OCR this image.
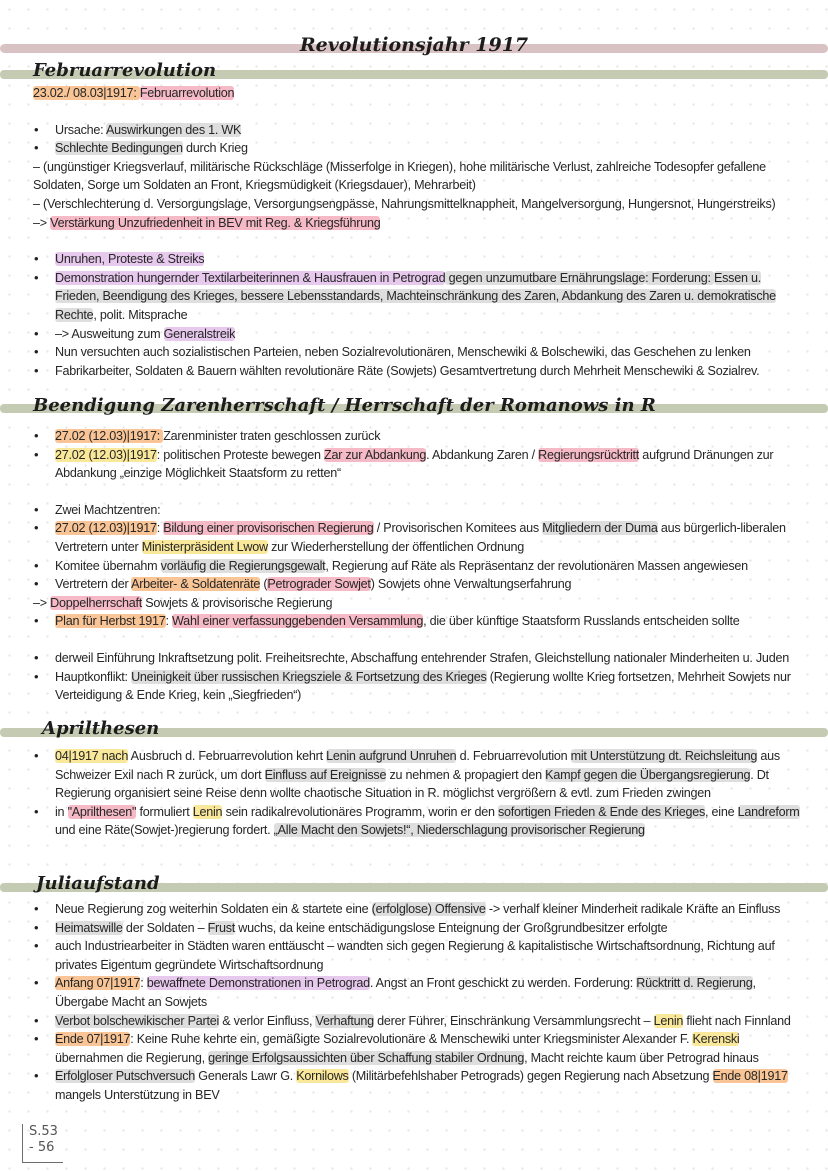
Revolutionsjahr 1917
Februarrevolution
23.02./ 08.03|1917: Februarrevolution
• Ursache: Auswirkungen des 1. WK
• Schlechte Bedingungen durch Krieg
– (ungünstiger Kriegsverlauf, militärische Rückschläge (Misserfolge in Kriegen), hohe militärische Verlust, zahlreiche Todesopfer gefallene
Soldaten, Sorge um Soldaten an Front, Kriegsmüdigkeit (Kriegsdauer), Mehrarbeit)
– (Verschlechterung d. Versorgungslage, Versorgungsengpässe, Nahrungsmittelknappheit, Mangelversorgung, Hungersnot, Hungerstreiks)
–> Verstärkung Unzufriedenheit in BEV mit Reg. & Kriegsführung
• Unruhen, Proteste & Streiks
• Demonstration hungernder Textilarbeiterinnen & Hausfrauen in Petrograd gegen unzumutbare Ernährungslage: Forderung: Essen u.
Frieden, Beendigung des Krieges, bessere Lebensstandards, Machteinschränkung des Zaren, Abdankung des Zaren u. demokratische
Rechte, polit. Mitsprache
• –> Ausweitung zum Generalstreik
• Nun versuchten auch sozialistischen Parteien, neben Sozialrevolutionären, Menschewiki & Bolschewiki, das Geschehen zu lenken
• Fabrikarbeiter, Soldaten & Bauern wählten revolutionäre Räte (Sowjets) Gesamtvertretung durch Mehrheit Menschewiki & Sozialrev.
Beendigung Zarenherrschaft / Herrschaft der Romanows in R
• 27.02 (12.03)|1917: Zarenminister traten geschlossen zurück
• 27.02 (12.03)|1917: politischen Proteste bewegen Zar zur Abdankung. Abdankung Zaren / Regierungsrücktritt aufgrund Dränungen zur
Abdankung „einzige Möglichkeit Staatsform zu retten“
• Zwei Machtzentren:
• 27.02 (12.03)|1917: Bildung einer provisorischen Regierung / Provisorischen Komitees aus Mitgliedern der Duma aus bürgerlich-liberalen
Vertretern unter Ministerpräsident Lwow zur Wiederherstellung der öffentlichen Ordnung
• Komitee übernahm vorläufig die Regierungsgewalt, Regierung auf Räte als Repräsentanz der revolutionären Massen angewiesen
• Vertretern der Arbeiter- & Soldatenräte (Petrograder Sowjet) Sowjets ohne Verwaltungserfahrung
–> Doppelherrschaft Sowjets & provisorische Regierung
• Plan für Herbst 1917: Wahl einer verfassunggebenden Versammlung, die über künftige Staatsform Russlands entscheiden sollte
• derweil Einführung Inkraftsetzung polit. Freiheitsrechte, Abschaffung entehrender Strafen, Gleichstellung nationaler Minderheiten u. Juden
• Hauptkonflikt: Uneinigkeit über russischen Kriegsziele & Fortsetzung des Krieges (Regierung wollte Krieg fortsetzen, Mehrheit Sowjets nur
Verteidigung & Ende Krieg, kein „Siegfrieden“)
Aprilthesen
• 04|1917 nach Ausbruch d. Februarrevolution kehrt Lenin aufgrund Unruhen d. Februarrevolution mit Unterstützung dt. Reichsleitung aus
Schweizer Exil nach R zurück, um dort Einfluss auf Ereignisse zu nehmen & propagiert den Kampf gegen die Übergangsregierung. Dt
Regierung organisiert seine Reise denn wollte chaotische Situation in R. möglichst vergrößern & evtl. zum Frieden zwingen
• in "Aprilthesen" formuliert Lenin sein radikalrevolutionäres Programm, worin er den sofortigen Frieden & Ende des Krieges, eine Landreform
und eine Räte(Sowjet-)regierung fordert. „Alle Macht den Sowjets!“, Niederschlagung provisorischer Regierung
Juliaufstand
• Neue Regierung zog weiterhin Soldaten ein & startete eine (erfolglose) Offensive -> verhalf kleiner Minderheit radikale Kräfte an Einfluss
• Heimatswille der Soldaten – Frust wuchs, da keine entschädigungslose Enteignung der Großgrundbesitzer erfolgte
• auch Industriearbeiter in Städten waren enttäuscht – wandten sich gegen Regierung & kapitalistische Wirtschaftsordnung, Richtung auf
privates Eigentum gegründete Wirtschaftsordnung
• Anfang 07|1917: bewaffnete Demonstrationen in Petrograd. Angst an Front geschickt zu werden. Forderung: Rücktritt d. Regierung,
Übergabe Macht an Sowjets
• Verbot bolschewikischer Partei & verlor Einfluss, Verhaftung derer Führer, Einschränkung Versammlungsrecht – Lenin flieht nach Finnland
• Ende 07|1917: Keine Ruhe kehrte ein, gemäßigte Sozialrevolutionäre & Menschewiki unter Kriegsminister Alexander F. Kerenski
übernahmen die Regierung, geringe Erfolgsaussichten über Schaffung stabiler Ordnung, Macht reichte kaum über Petrograd hinaus
• Erfolgloser Putschversuch Generals Lawr G. Kornilows (Militärbefehlshaber Petrograds) gegen Regierung nach Absetzung Ende 08|1917
mangels Unterstützung in BEV
S.53
- 56
